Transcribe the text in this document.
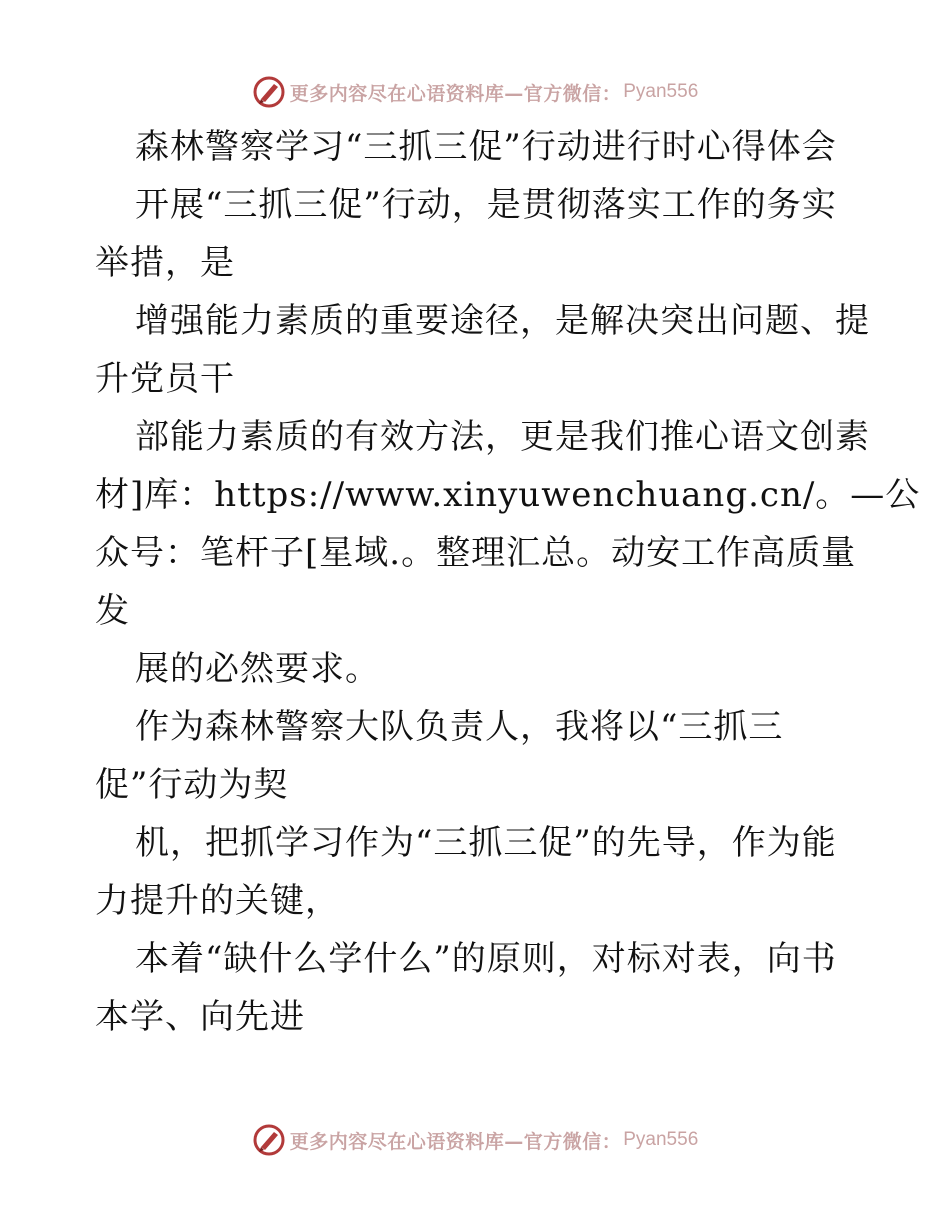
更多内容尽在心语资料库—官方微信： Pyan556
森林警察学习“三抓三促”行动进行时心得体会
开展“三抓三促”行动，是贯彻落实工作的务实
举措，是
增强能力素质的重要途径，是解决突出问题、提
升党员干
部能力素质的有效方法，更是我们推心语文创素
材]库：https://www.xinyuwenchuang.cn/。—公
众号：笔杆子[星域.。整理汇总。动安工作高质量
发
展的必然要求。
作为森林警察大队负责人，我将以“三抓三
促”行动为契
机，把抓学习作为“三抓三促”的先导，作为能
力提升的关键，
本着“缺什么学什么”的原则，对标对表，向书
本学、向先进
更多内容尽在心语资料库—官方微信： Pyan556
